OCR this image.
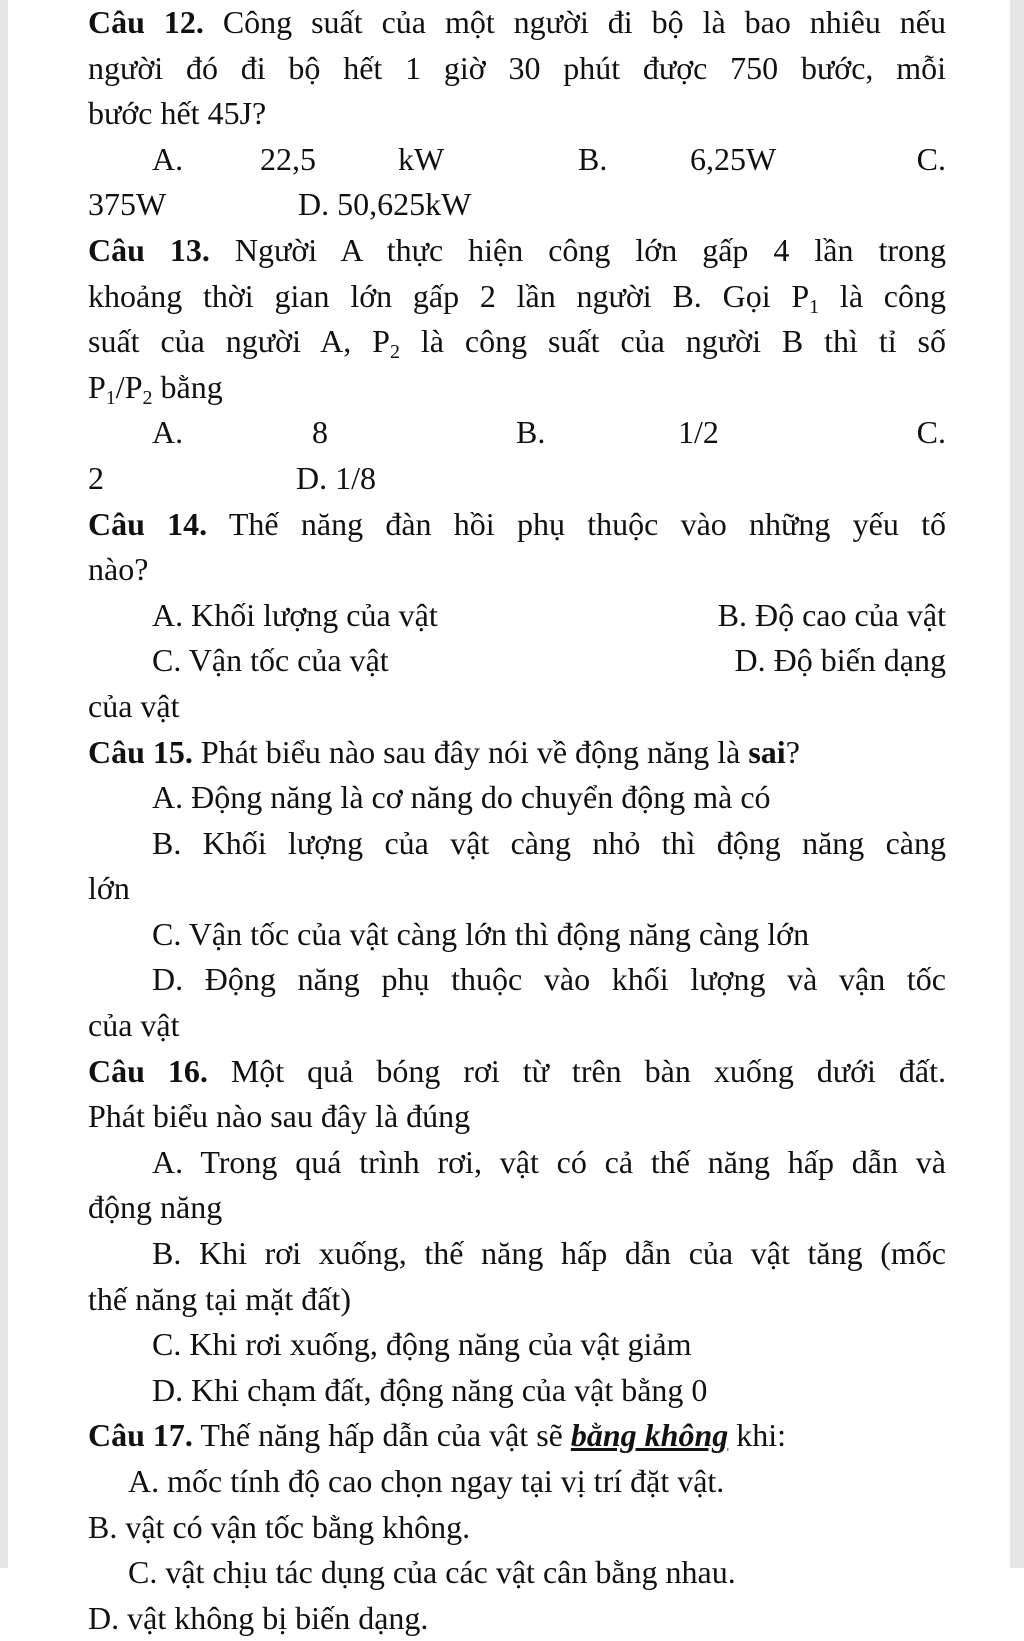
Câu 12. Công suất của một người đi bộ là bao nhiêu nếu
người đó đi bộ hết 1 giờ 30 phút được 750 bước, mỗi
bước hết 45J?
A.	22,5	kW	B.	6,25W	C.
375W	D. 50,625kW
Câu 13. Người A thực hiện công lớn gấp 4 lần trong
khoảng thời gian lớn gấp 2 lần người B. Gọi $P_1$ là công
suất của người A, $P_2$ là công suất của người B thì tỉ số
$P_1/P_2$ bằng
A.	8	B.	1/2	C.
2	D. 1/8
Câu 14. Thế năng đàn hồi phụ thuộc vào những yếu tố
nào?
A. Khối lượng của vật	B. Độ cao của vật
C. Vận tốc của vật	D. Độ biến dạng
của vật
Câu 15. Phát biểu nào sau đây nói về động năng là sai?
A. Động năng là cơ năng do chuyển động mà có
B. Khối lượng của vật càng nhỏ thì động năng càng
lớn
C. Vận tốc của vật càng lớn thì động năng càng lớn
D. Động năng phụ thuộc vào khối lượng và vận tốc
của vật
Câu 16. Một quả bóng rơi từ trên bàn xuống dưới đất.
Phát biểu nào sau đây là đúng
A. Trong quá trình rơi, vật có cả thế năng hấp dẫn và
động năng
B. Khi rơi xuống, thế năng hấp dẫn của vật tăng (mốc
thế năng tại mặt đất)
C. Khi rơi xuống, động năng của vật giảm
D. Khi chạm đất, động năng của vật bằng 0
Câu 17. Thế năng hấp dẫn của vật sẽ bằng không khi:
A. mốc tính độ cao chọn ngay tại vị trí đặt vật.
B. vật có vận tốc bằng không.
C. vật chịu tác dụng của các vật cân bằng nhau.
D. vật không bị biến dạng.
